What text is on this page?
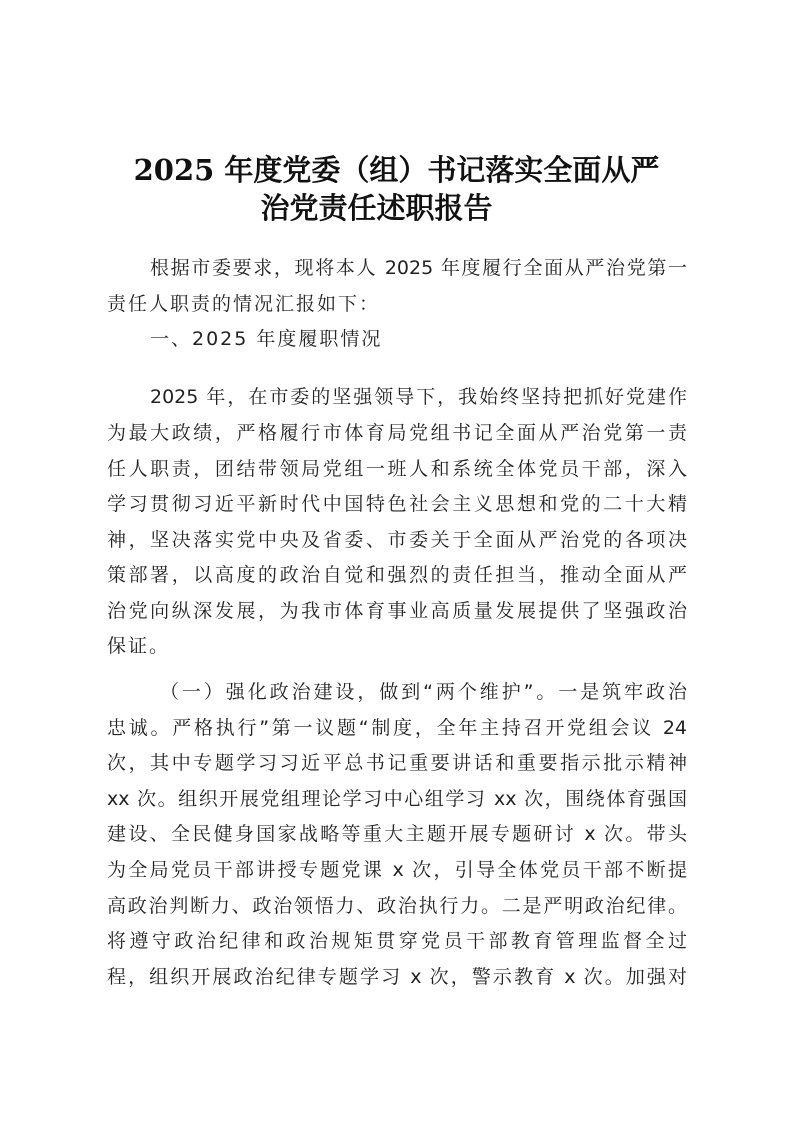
2025 年度党委（组）书记落实全面从严
治党责任述职报告
根据市委要求，现将本人 2025 年度履行全面从严治党第一
责任人职责的情况汇报如下：
一、2025 年度履职情况
2025 年，在市委的坚强领导下，我始终坚持把抓好党建作
为最大政绩，严格履行市体育局党组书记全面从严治党第一责
任人职责，团结带领局党组一班人和系统全体党员干部，深入
学习贯彻习近平新时代中国特色社会主义思想和党的二十大精
神，坚决落实党中央及省委、市委关于全面从严治党的各项决
策部署，以高度的政治自觉和强烈的责任担当，推动全面从严
治党向纵深发展，为我市体育事业高质量发展提供了坚强政治
保证。
（一）强化政治建设，做到“两个维护”。一是筑牢政治
忠诚。严格执行”第一议题“制度，全年主持召开党组会议 24
次，其中专题学习习近平总书记重要讲话和重要指示批示精神
xx 次。组织开展党组理论学习中心组学习 xx 次，围绕体育强国
建设、全民健身国家战略等重大主题开展专题研讨 x 次。带头
为全局党员干部讲授专题党课 x 次，引导全体党员干部不断提
高政治判断力、政治领悟力、政治执行力。二是严明政治纪律。
将遵守政治纪律和政治规矩贯穿党员干部教育管理监督全过
程，组织开展政治纪律专题学习 x 次，警示教育 x 次。加强对
